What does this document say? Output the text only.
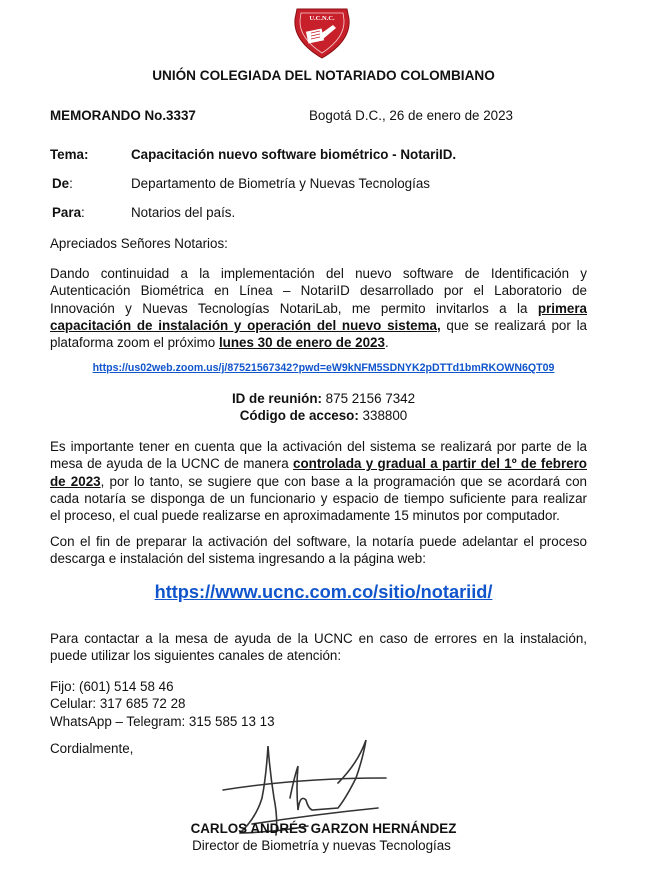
U.C.N.C.
UNIÓN COLEGIADA DEL NOTARIADO COLOMBIANO
MEMORANDO No.3337	Bogotá D.C., 26 de enero de 2023
Tema:	Capacitación nuevo software biométrico - NotariID.
De:	Departamento de Biometría y Nuevas Tecnologías
Para:	Notarios del país.
Apreciados Señores Notarios:
Dando continuidad a la implementación del nuevo software de Identificación y
Autenticación Biométrica en Línea – NotariID desarrollado por el Laboratorio de
Innovación y Nuevas Tecnologías NotariLab, me permito invitarlos a la primera
capacitación de instalación y operación del nuevo sistema, que se realizará por la
plataforma zoom el próximo lunes 30 de enero de 2023.
https://us02web.zoom.us/j/87521567342?pwd=eW9kNFM5SDNYK2pDTTd1bmRKOWN6QT09
ID de reunión: 875 2156 7342
Código de acceso: 338800
Es importante tener en cuenta que la activación del sistema se realizará por parte de la
mesa de ayuda de la UCNC de manera controlada y gradual a partir del 1º de febrero
de 2023, por lo tanto, se sugiere que con base a la programación que se acordará con
cada notaría se disponga de un funcionario y espacio de tiempo suficiente para realizar
el proceso, el cual puede realizarse en aproximadamente 15 minutos por computador.
Con el fin de preparar la activación del software, la notaría puede adelantar el proceso
descarga e instalación del sistema ingresando a la página web:
https://www.ucnc.com.co/sitio/notariid/
Para contactar a la mesa de ayuda de la UCNC en caso de errores en la instalación,
puede utilizar los siguientes canales de atención:
Fijo: (601) 514 58 46
Celular: 317 685 72 28
WhatsApp – Telegram: 315 585 13 13
Cordialmente,
CARLOS ANDRÉS GARZON HERNÁNDEZ
Director de Biometría y nuevas Tecnologías
